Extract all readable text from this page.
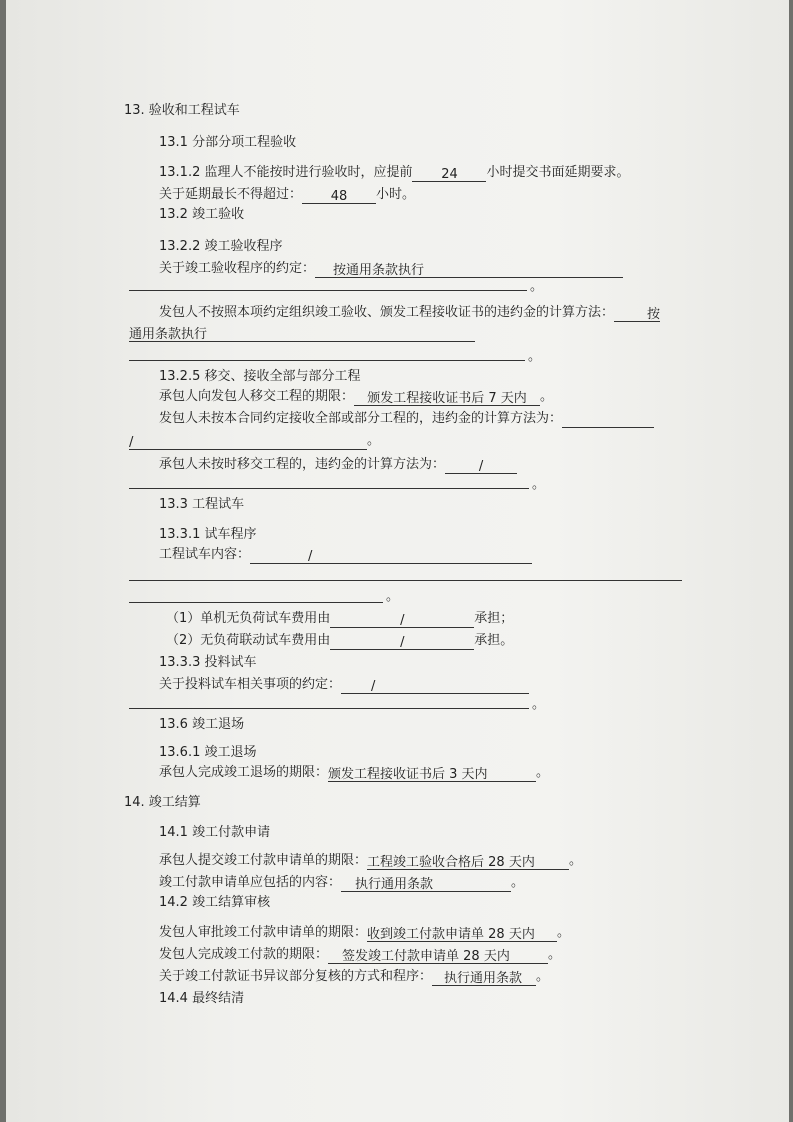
13. 验收和工程试车
13.1 分部分项工程验收
13.1.2 监理人不能按时进行验收时，应提前 24 小时提交书面延期要求。
关于延期最长不得超过： 48 小时。
13.2 竣工验收
13.2.2 竣工验收程序
关于竣工验收程序的约定： 按通用条款执行
。
发包人不按照本项约定组织竣工验收、颁发工程接收证书的违约金的计算方法：	按
通用条款执行
。
13.2.5 移交、接收全部与部分工程
承包人向发包人移交工程的期限： 颁发工程接收证书后 7 天内 。
发包人未按本合同约定接收全部或部分工程的，违约金的计算方法为：
/	。
承包人未按时移交工程的，违约金的计算方法为：	/
。
13.3 工程试车
13.3.1 试车程序
工程试车内容：	/
。
（1）单机无负荷试车费用由	/	承担；
（2）无负荷联动试车费用由	/	承担。
13.3.3 投料试车
关于投料试车相关事项的约定： /
。
13.6 竣工退场
13.6.1 竣工退场
承包人完成竣工退场的期限：颁发工程接收证书后 3 天内	。
14. 竣工结算
14.1 竣工付款申请
承包人提交竣工付款申请单的期限：工程竣工验收合格后 28 天内	。
竣工付款申请单应包括的内容： 执行通用条款	。
14.2 竣工结算审核
发包人审批竣工付款申请单的期限：收到竣工付款申请单 28 天内 。
发包人完成竣工付款的期限： 签发竣工付款申请单 28 天内	。
关于竣工付款证书异议部分复核的方式和程序： 执行通用条款 。
14.4 最终结清
